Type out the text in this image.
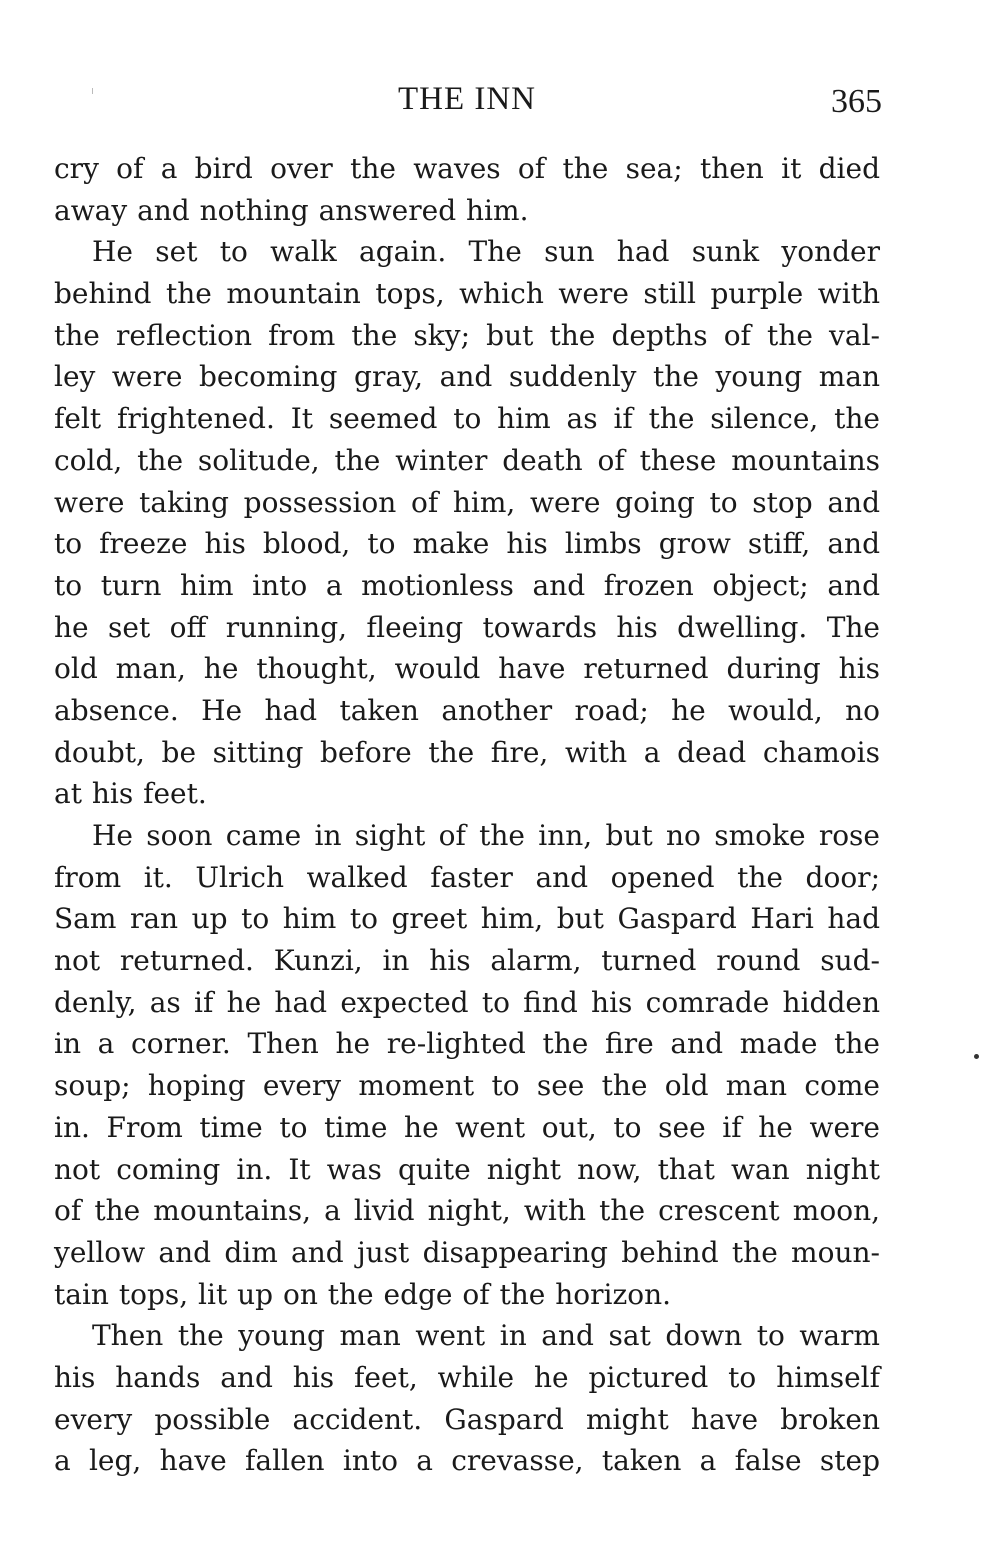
THE INN	365
cry of a bird over the waves of the sea; then it died
away and nothing answered him.
He set to walk again. The sun had sunk yonder
behind the mountain tops, which were still purple with
the reflection from the sky; but the depths of the val-
ley were becoming gray, and suddenly the young man
felt frightened. It seemed to him as if the silence, the
cold, the solitude, the winter death of these mountains
were taking possession of him, were going to stop and
to freeze his blood, to make his limbs grow stiff, and
to turn him into a motionless and frozen object; and
he set off running, fleeing towards his dwelling. The
old man, he thought, would have returned during his
absence. He had taken another road; he would, no
doubt, be sitting before the fire, with a dead chamois
at his feet.
He soon came in sight of the inn, but no smoke rose
from it. Ulrich walked faster and opened the door;
Sam ran up to him to greet him, but Gaspard Hari had
not returned. Kunzi, in his alarm, turned round sud-
denly, as if he had expected to find his comrade hidden
in a corner. Then he re-lighted the fire and made the
soup; hoping every moment to see the old man come
in. From time to time he went out, to see if he were
not coming in. It was quite night now, that wan night
of the mountains, a livid night, with the crescent moon,
yellow and dim and just disappearing behind the moun-
tain tops, lit up on the edge of the horizon.
Then the young man went in and sat down to warm
his hands and his feet, while he pictured to himself
every possible accident. Gaspard might have broken
a leg, have fallen into a crevasse, taken a false step
